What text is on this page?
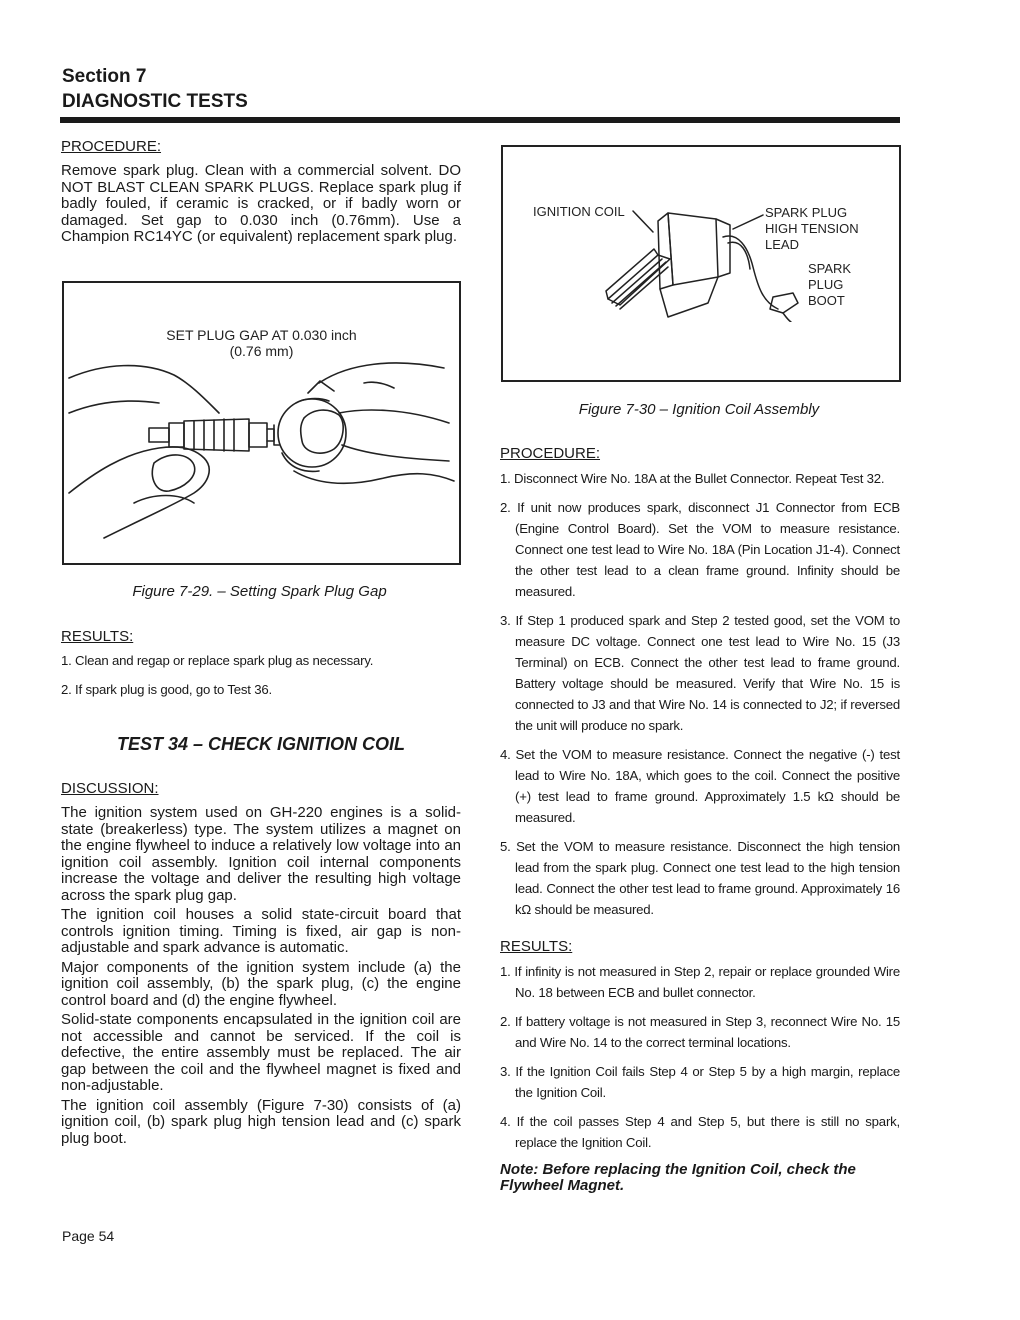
Section 7
DIAGNOSTIC TESTS
PROCEDURE:
Remove spark plug. Clean with a commercial solvent. DO NOT BLAST CLEAN SPARK PLUGS. Replace spark plug if badly fouled, if ceramic is cracked, or if badly worn or damaged. Set gap to 0.030 inch (0.76mm). Use a Champion RC14YC (or equivalent) replacement spark plug.
SET PLUG GAP AT 0.030 inch
(0.76 mm)
Figure 7-29. – Setting Spark Plug Gap
RESULTS:
1. Clean and regap or replace spark plug as necessary.
2. If spark plug is good, go to Test 36.
TEST 34 – CHECK IGNITION COIL
DISCUSSION:
The ignition system used on GH-220 engines is a solid-state (breakerless) type. The system utilizes a magnet on the engine flywheel to induce a relatively low voltage into an ignition coil assembly. Ignition coil internal components increase the voltage and deliver the resulting high voltage across the spark plug gap.
The ignition coil houses a solid state-circuit board that controls ignition timing. Timing is fixed, air gap is non-adjustable and spark advance is automatic.
Major components of the ignition system include (a) the ignition coil assembly, (b) the spark plug, (c) the engine control board and (d) the engine flywheel.
Solid-state components encapsulated in the ignition coil are not accessible and cannot be serviced. If the coil is defective, the entire assembly must be replaced. The air gap between the coil and the flywheel magnet is fixed and non-adjustable.
The ignition coil assembly (Figure 7-30) consists of (a) ignition coil, (b) spark plug high tension lead and (c) spark plug boot.
IGNITION COIL	SPARK PLUG
HIGH TENSION
LEAD
SPARK
PLUG
BOOT
Figure 7-30 – Ignition Coil Assembly
PROCEDURE:
1. Disconnect Wire No. 18A at the Bullet Connector. Repeat Test 32.
2. If unit now produces spark, disconnect J1 Connector from ECB (Engine Control Board). Set the VOM to measure resistance. Connect one test lead to Wire No. 18A (Pin Location J1-4). Connect the other test lead to a clean frame ground. Infinity should be measured.
3. If Step 1 produced spark and Step 2 tested good, set the VOM to measure DC voltage. Connect one test lead to Wire No. 15 (J3 Terminal) on ECB. Connect the other test lead to frame ground. Battery voltage should be measured. Verify that Wire No. 15 is connected to J3 and that Wire No. 14 is connected to J2; if reversed the unit will produce no spark.
4. Set the VOM to measure resistance. Connect the negative (-) test lead to Wire No. 18A, which goes to the coil. Connect the positive (+) test lead to frame ground. Approximately 1.5 kΩ should be measured.
5. Set the VOM to measure resistance. Disconnect the high tension lead from the spark plug. Connect one test lead to the high tension lead. Connect the other test lead to frame ground. Approximately 16 kΩ should be measured.
RESULTS:
1. If infinity is not measured in Step 2, repair or replace grounded Wire No. 18 between ECB and bullet connector.
2. If battery voltage is not measured in Step 3, reconnect Wire No. 15 and Wire No. 14 to the correct terminal locations.
3. If the Ignition Coil fails Step 4 or Step 5 by a high margin, replace the Ignition Coil.
4. If the coil passes Step 4 and Step 5, but there is still no spark, replace the Ignition Coil.
Note: Before replacing the Ignition Coil, check the Flywheel Magnet.
Page 54
